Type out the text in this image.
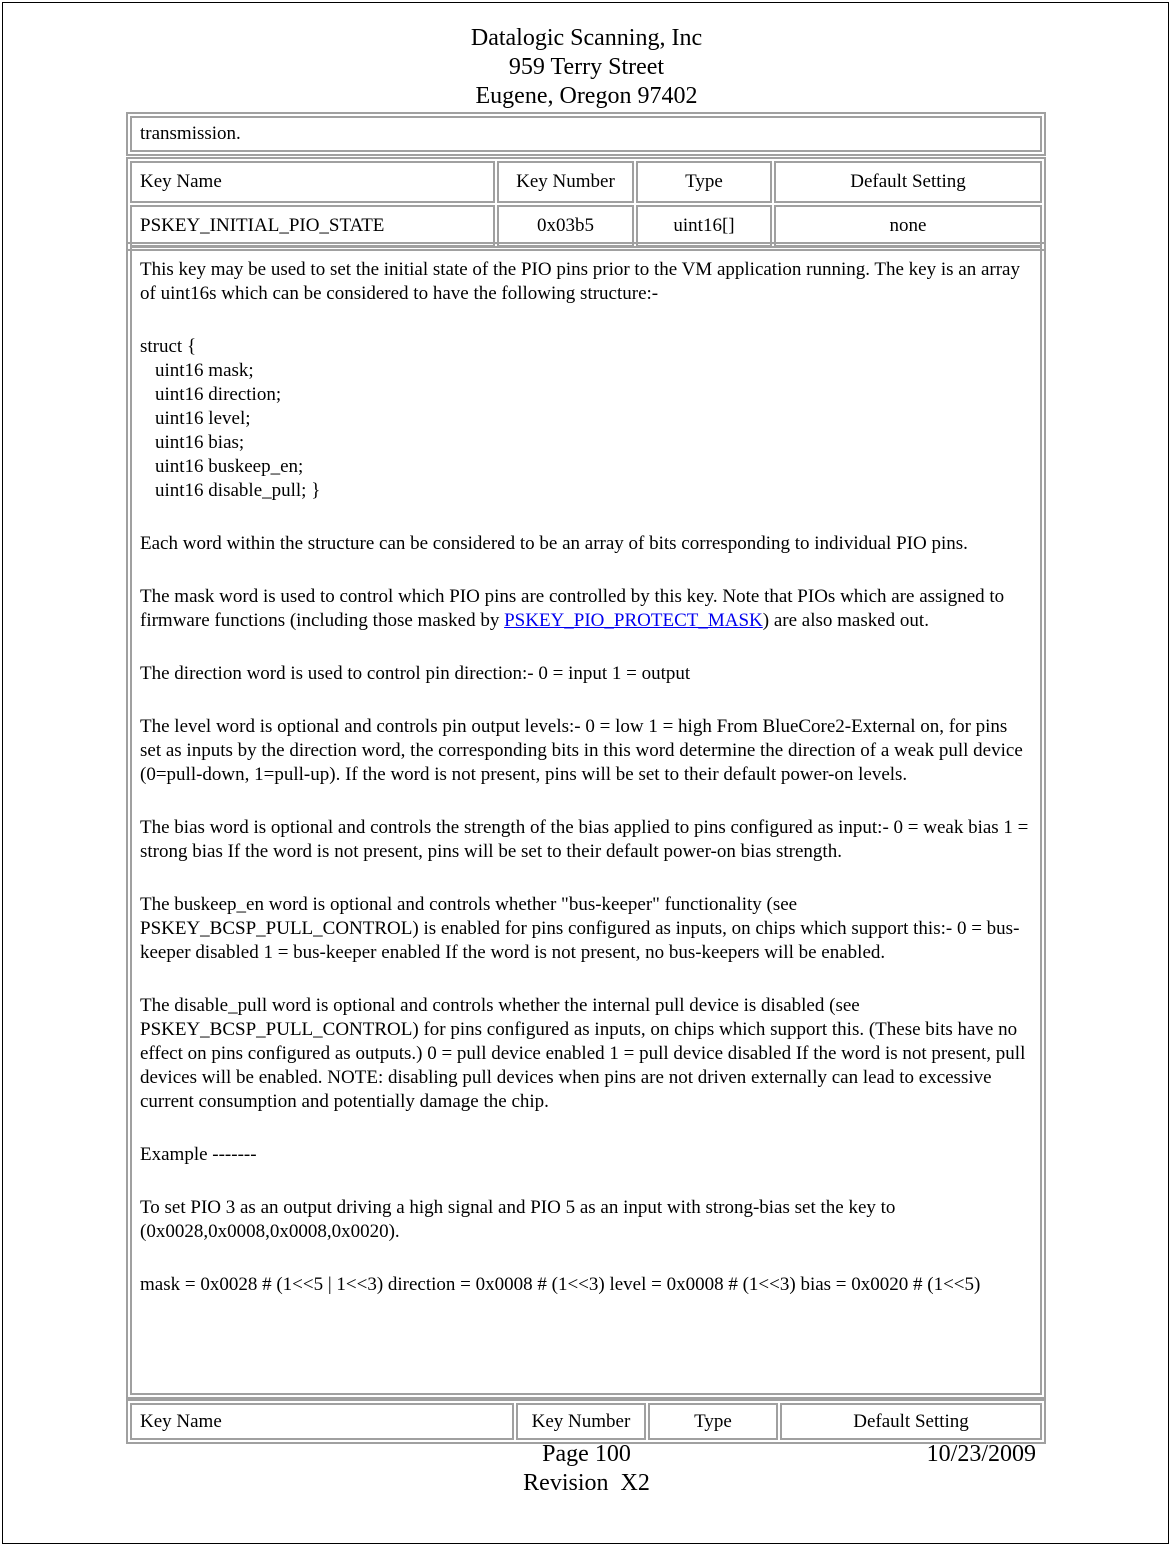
Datalogic Scanning, Inc
959 Terry Street
Eugene, Oregon 97402
transmission.
Key Name	Key Number	Type	Default Setting
PSKEY_INITIAL_PIO_STATE	0x03b5	uint16[]	none

This key may be used to set the initial state of the PIO pins prior to the VM application running. The key is an array of uint16s which can be considered to have the following structure:-

struct {
uint16 mask;
uint16 direction;
uint16 level;
uint16 bias;
uint16 buskeep_en;
uint16 disable_pull; }

Each word within the structure can be considered to be an array of bits corresponding to individual PIO pins.

The mask word is used to control which PIO pins are controlled by this key. Note that PIOs which are assigned to firmware functions (including those masked by PSKEY_PIO_PROTECT_MASK) are also masked out.

The direction word is used to control pin direction:- 0 = input 1 = output

The level word is optional and controls pin output levels:- 0 = low 1 = high From BlueCore2-External on, for pins set as inputs by the direction word, the corresponding bits in this word determine the direction of a weak pull device (0=pull-down, 1=pull-up). If the word is not present, pins will be set to their default power-on levels.

The bias word is optional and controls the strength of the bias applied to pins configured as input:- 0 = weak bias 1 = strong bias If the word is not present, pins will be set to their default power-on bias strength.

The buskeep_en word is optional and controls whether "bus-keeper" functionality (see PSKEY_BCSP_PULL_CONTROL) is enabled for pins configured as inputs, on chips which support this:- 0 = bus-keeper disabled 1 = bus-keeper enabled If the word is not present, no bus-keepers will be enabled.

The disable_pull word is optional and controls whether the internal pull device is disabled (see PSKEY_BCSP_PULL_CONTROL) for pins configured as inputs, on chips which support this. (These bits have no effect on pins configured as outputs.) 0 = pull device enabled 1 = pull device disabled If the word is not present, pull devices will be enabled. NOTE: disabling pull devices when pins are not driven externally can lead to excessive current consumption and potentially damage the chip.

Example -------

To set PIO 3 as an output driving a high signal and PIO 5 as an input with strong-bias set the key to (0x0028,0x0008,0x0008,0x0020).

mask = 0x0028 # (1<<5 | 1<<3) direction = 0x0008 # (1<<3) level = 0x0008 # (1<<3) bias = 0x0020 # (1<<5)

Key Name	Key Number	Type	Default Setting
Page 100
Revision  X2
10/23/2009
